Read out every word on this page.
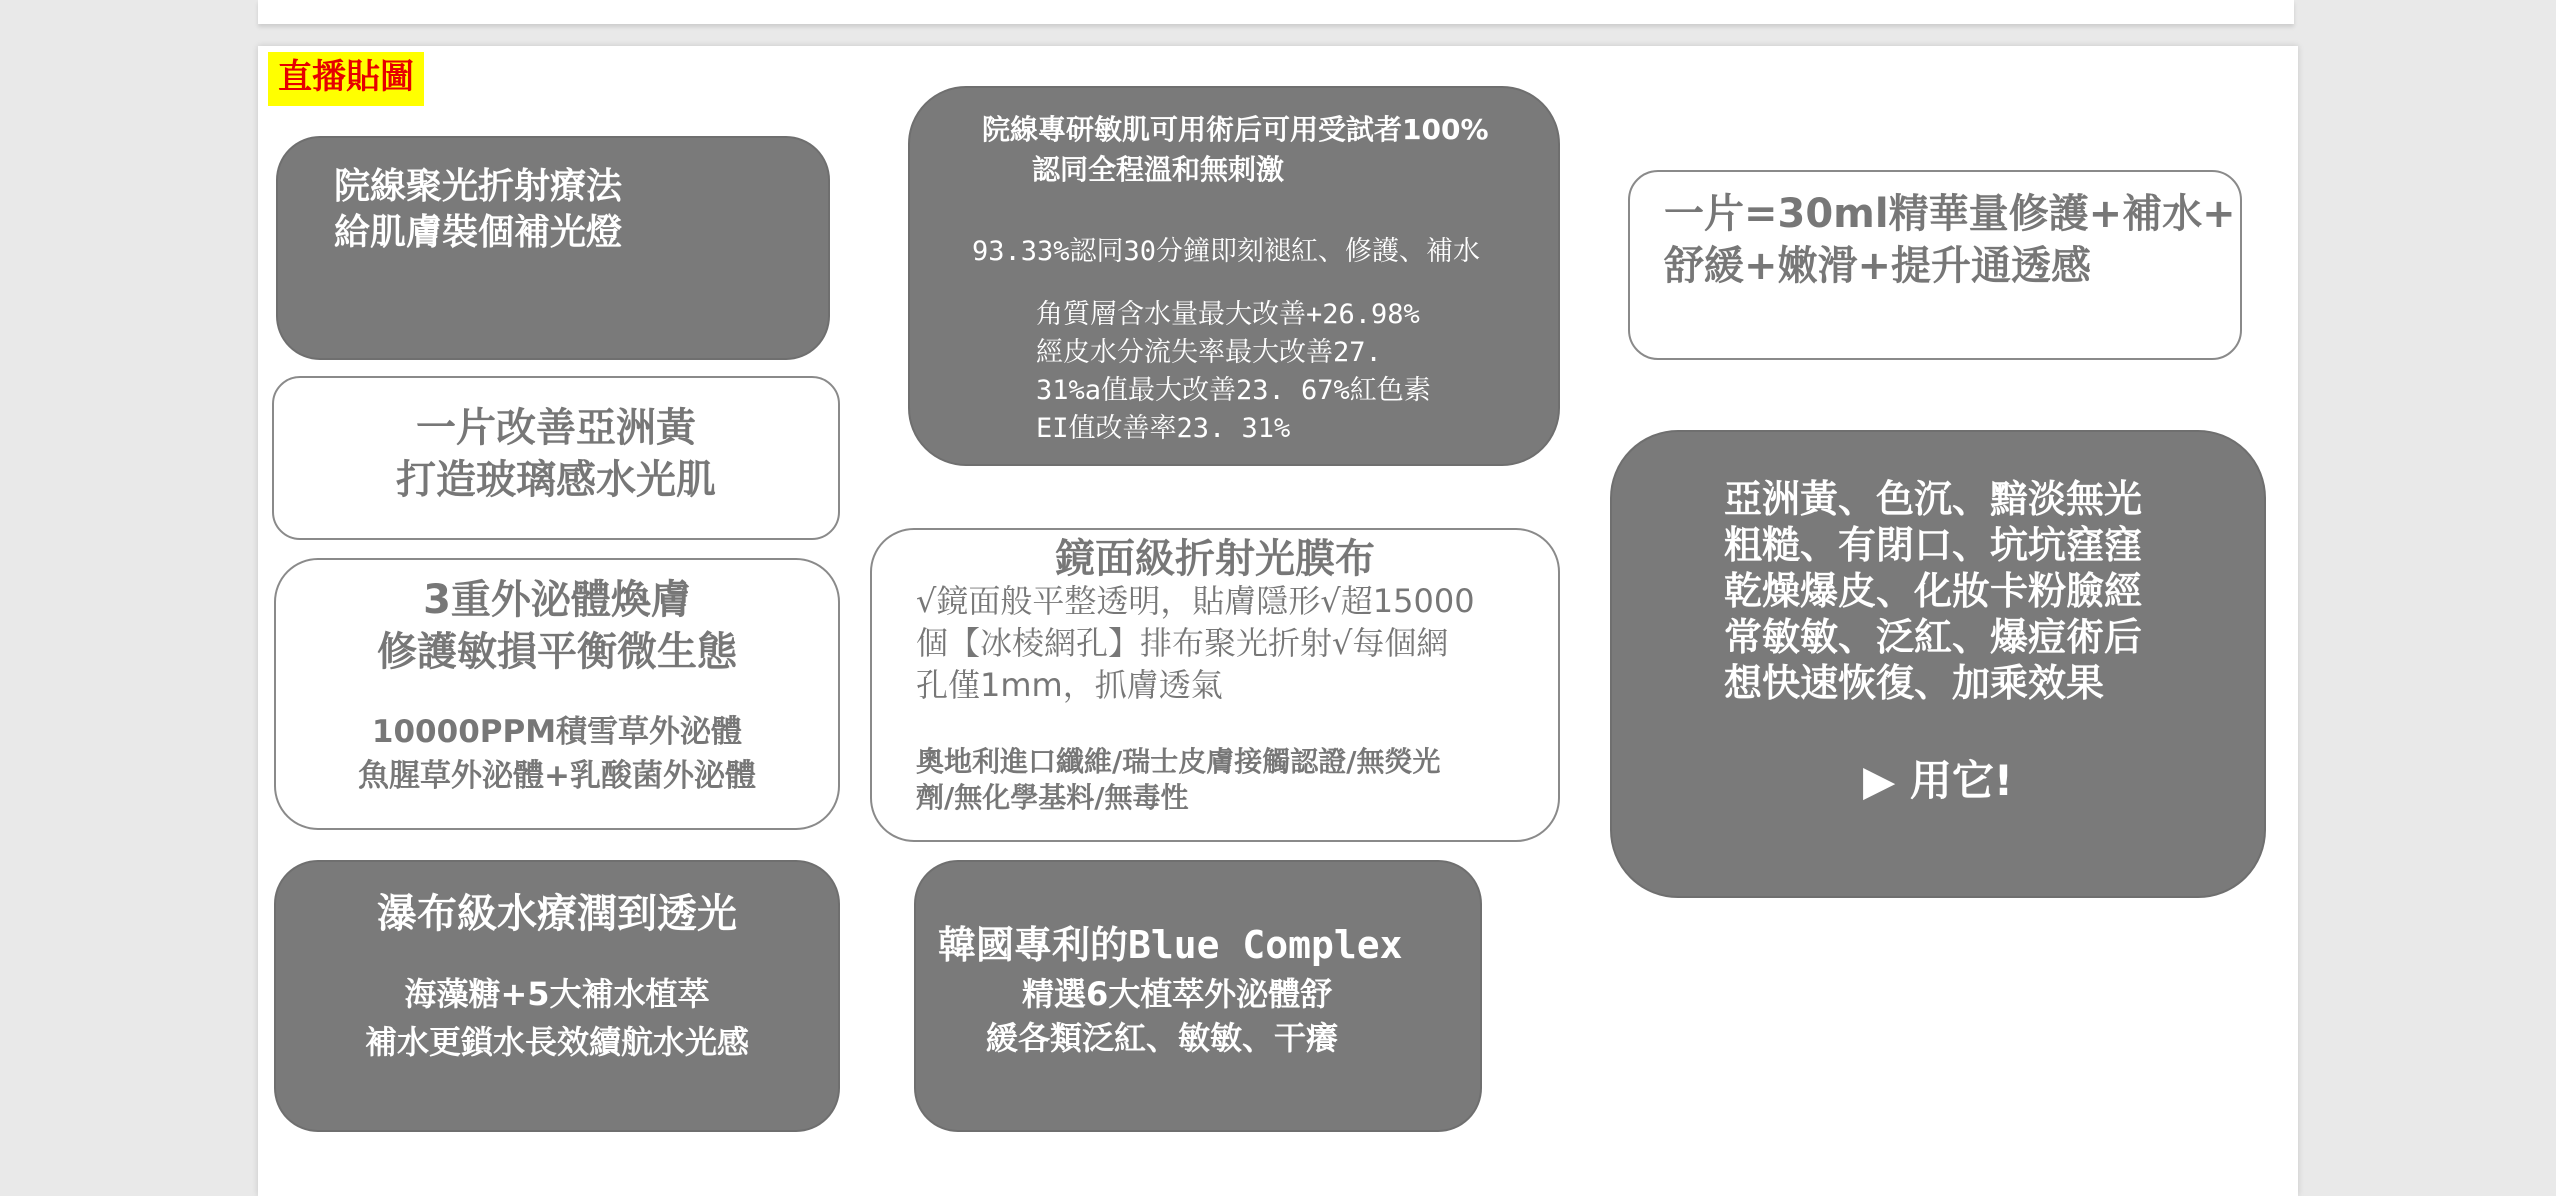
直播貼圖
院線聚光折射療法
給肌膚裝個補光燈
一片改善亞洲黃
打造玻璃感水光肌
3重外泌體煥膚
修護敏損平衡微生態
10000PPM積雪草外泌體
魚腥草外泌體+乳酸菌外泌體
瀑布級水療潤到透光
海藻糖+5大補水植萃
補水更鎖水長效續航水光感
院線專研敏肌可用術后可用受試者100%
認同全程溫和無刺激
93.33%認同30分鐘即刻褪紅、修護、補水
角質層含水量最大改善+26.98%
經皮水分流失率最大改善27.
31%a值最大改善23. 67%紅色素
EI值改善率23. 31%
鏡面級折射光膜布
√鏡面般平整透明，貼膚隱形√超15000
個【冰棱網孔】排布聚光折射√每個網
孔僅1mm，抓膚透氣
奧地利進口纖維/瑞士皮膚接觸認證/無熒光
劑/無化學基料/無毒性
韓國專利的Blue Complex
精選6大植萃外泌體舒
緩各類泛紅、敏敏、干癢
一片=30ml精華量修護+補水+
舒緩+嫩滑+提升通透感
亞洲黃、色沉、黯淡無光
粗糙、有閉口、坑坑窪窪
乾燥爆皮、化妝卡粉臉經
常敏敏、泛紅、爆痘術后
想快速恢復、加乘效果
▶ 用它!
